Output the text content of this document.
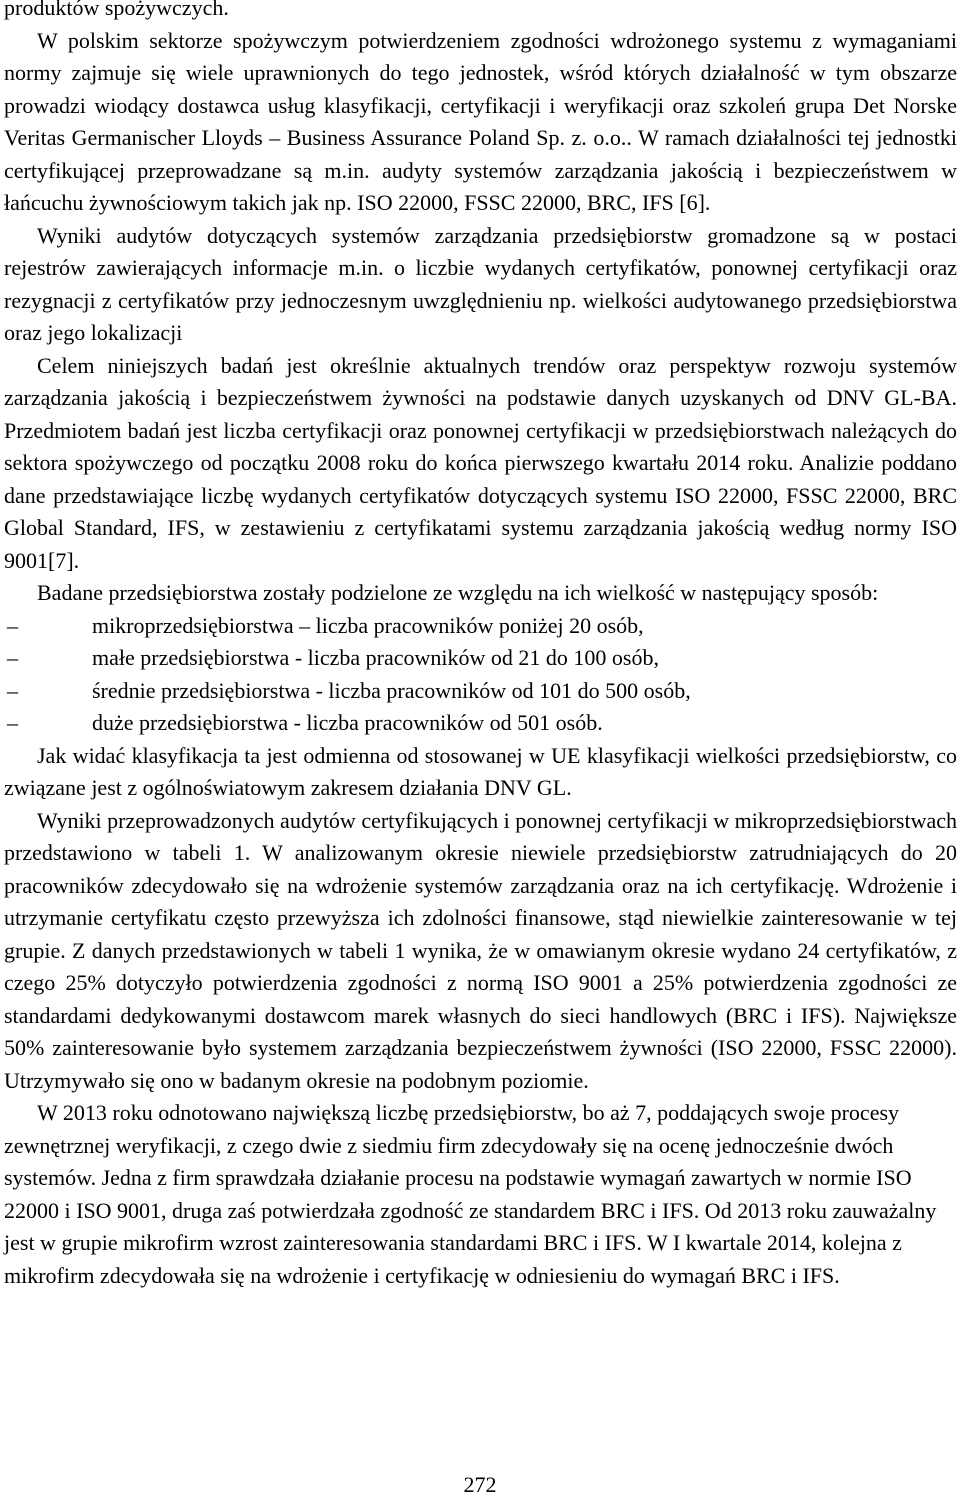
produktów spożywczych.

W polskim sektorze spożywczym potwierdzeniem zgodności wdrożonego systemu z wymaganiami normy zajmuje się wiele uprawnionych do tego jednostek, wśród których działalność w tym obszarze prowadzi wiodący dostawca usług klasyfikacji, certyfikacji i weryfikacji oraz szkoleń grupa Det Norske Veritas Germanischer Lloyds – Business Assurance Poland Sp. z. o.o.. W ramach działalności tej jednostki certyfikującej przeprowadzane są m.in. audyty systemów zarządzania jakością i bezpieczeństwem w łańcuchu żywnościowym takich jak np. ISO 22000, FSSC 22000, BRC, IFS [6].

Wyniki audytów dotyczących systemów zarządzania przedsiębiorstw gromadzone są w postaci rejestrów zawierających informacje m.in. o liczbie wydanych certyfikatów, ponownej certyfikacji oraz rezygnacji z certyfikatów przy jednoczesnym uwzględnieniu np. wielkości audytowanego przedsiębiorstwa oraz jego lokalizacji

Celem niniejszych badań jest określnie aktualnych trendów oraz perspektyw rozwoju systemów zarządzania jakością i bezpieczeństwem żywności na podstawie danych uzyskanych od DNV GL-BA. Przedmiotem badań jest liczba certyfikacji oraz ponownej certyfikacji w przedsiębiorstwach należących do sektora spożywczego od początku 2008 roku do końca pierwszego kwartału 2014 roku. Analizie poddano dane przedstawiające liczbę wydanych certyfikatów dotyczących systemu ISO 22000, FSSC 22000, BRC Global Standard, IFS, w zestawieniu z certyfikatami systemu zarządzania jakością według normy ISO 9001[7].

Badane przedsiębiorstwa zostały podzielone ze względu na ich wielkość w następujący sposób:

–	mikroprzedsiębiorstwa – liczba pracowników poniżej 20 osób,
–	małe przedsiębiorstwa - liczba pracowników od 21 do 100 osób,
–	średnie przedsiębiorstwa - liczba pracowników od 101 do 500 osób,
–	duże przedsiębiorstwa - liczba pracowników od 501 osób.

Jak widać klasyfikacja ta jest odmienna od stosowanej w UE klasyfikacji wielkości przedsiębiorstw, co związane jest z ogólnoświatowym zakresem działania DNV GL.

Wyniki przeprowadzonych audytów certyfikujących i ponownej certyfikacji w mikroprzedsiębiorstwach przedstawiono w tabeli 1. W analizowanym okresie niewiele przedsiębiorstw zatrudniających do 20 pracowników zdecydowało się na wdrożenie systemów zarządzania oraz na ich certyfikację. Wdrożenie i utrzymanie certyfikatu często przewyższa ich zdolności finansowe, stąd niewielkie zainteresowanie w tej grupie. Z danych przedstawionych w tabeli 1 wynika, że w omawianym okresie wydano 24 certyfikatów, z czego 25% dotyczyło potwierdzenia zgodności z normą ISO 9001 a 25% potwierdzenia zgodności ze standardami dedykowanymi dostawcom marek własnych do sieci handlowych (BRC i IFS). Największe 50% zainteresowanie było systemem zarządzania bezpieczeństwem żywności (ISO 22000, FSSC 22000). Utrzymywało się ono w badanym okresie na podobnym poziomie.

W 2013 roku odnotowano największą liczbę przedsiębiorstw, bo aż 7, poddających swoje procesy zewnętrznej weryfikacji, z czego dwie z siedmiu firm zdecydowały się na ocenę jednocześnie dwóch systemów. Jedna z firm sprawdzała działanie procesu na podstawie wymagań zawartych w normie ISO 22000 i ISO 9001, druga zaś potwierdzała zgodność ze standardem BRC i IFS. Od 2013 roku zauważalny jest w grupie mikrofirm wzrost zainteresowania standardami BRC i IFS. W I kwartale 2014, kolejna z mikrofirm zdecydowała się na wdrożenie i certyfikację w odniesieniu do wymagań BRC i IFS.

272
